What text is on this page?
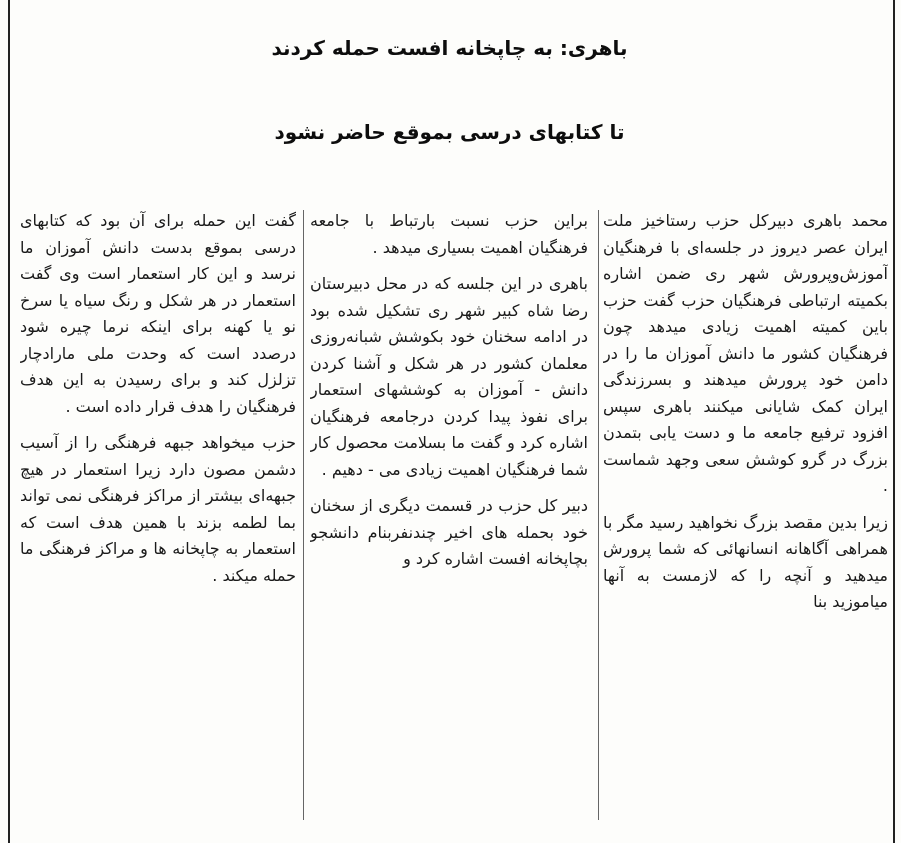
باهری: به چاپخانه افست حمله کردند
تا کتابهای درسی بموقع حاضر نشود

محمد باهری دبیرکل حزب رستاخیز ملت ایران عصر دیروز در جلسه‌ای با فرهنگیان آموزش‌وپرورش شهر ری ضمن اشاره بکمیته ارتباطی فرهنگیان حزب گفت حزب باین کمیته اهمیت زیادی میدهد چون فرهنگیان کشور ما دانش آموزان ما را در دامن خود پرورش میدهند و بسرزندگی ایران کمک شایانی میکنند باهری سپس افزود ترفیع جامعه ما و دست یابی بتمدن بزرگ در گرو کوشش سعی وجهد شماست .

زیرا بدین مقصد بزرگ نخواهید رسید مگر با همراهی آگاهانه انسانهائی که شما پرورش میدهید و آنچه را که لازمست به آنها میاموزید بنا

براین حزب نسبت بارتباط با جامعه فرهنگیان اهمیت بسیاری میدهد .

باهری در این جلسه که در محل دبیرستان رضا شاه کبیر شهر ری تشکیل شده بود در ادامه سخنان خود بکوشش شبانه‌روزی معلمان کشور در هر شکل و آشنا کردن دانش - آموزان به کوششهای استعمار برای نفوذ پیدا کردن درجامعه فرهنگیان اشاره کرد و گفت ما بسلامت محصول کار شما فرهنگیان اهمیت زیادی می - دهیم .

دبیر کل حزب در قسمت دیگری از سخنان خود بحمله های اخیر چندنفربنام دانشجو بچاپخانه افست اشاره کرد و

گفت این حمله برای آن بود که کتابهای درسی بموقع بدست دانش آموزان ما نرسد و این کار استعمار است وی گفت استعمار در هر شکل و رنگ سیاه یا سرخ نو یا کهنه برای اینکه نرما چیره شود درصدد است که وحدت ملی مارادچار تزلزل کند و برای رسیدن به این هدف فرهنگیان را هدف قرار داده است .

حزب میخواهد جبهه فرهنگی را از آسیب دشمن مصون دارد زیرا استعمار در هیچ جبهه‌ای بیشتر از مراکز فرهنگی نمی تواند بما لطمه بزند با همین هدف است که استعمار به چاپخانه ها و مراکز فرهنگی ما حمله میکند .
